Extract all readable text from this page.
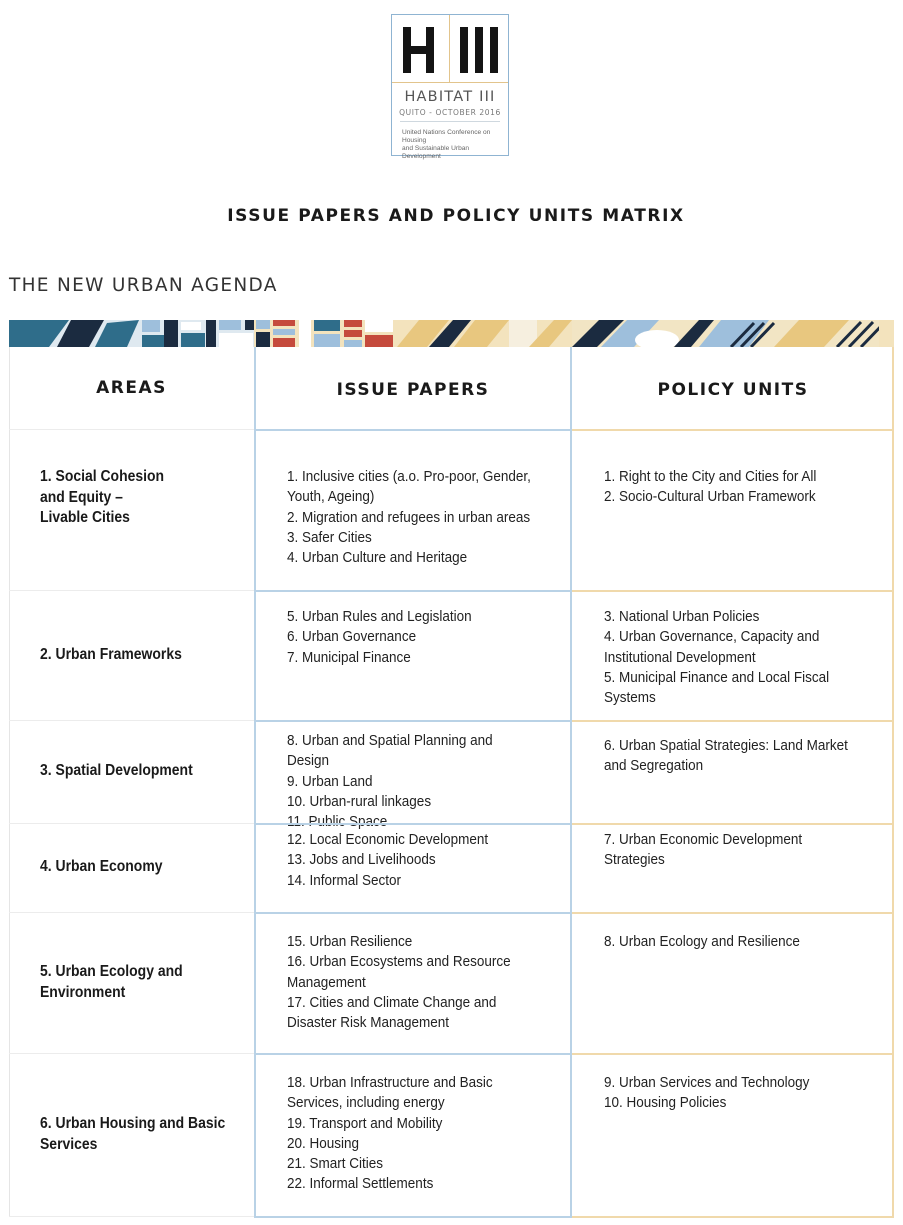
HABITAT III
QUITO - OCTOBER 2016
United Nations Conference on Housing
and Sustainable Urban Development
ISSUE PAPERS AND POLICY UNITS MATRIX
THE NEW URBAN AGENDA
AREAS	ISSUE PAPERS	POLICY UNITS
1. Social Cohesion
and Equity –
Livable Cities
1. Inclusive cities (a.o. Pro-poor, Gender, Youth, Ageing)
2. Migration and refugees in urban areas
3. Safer Cities
4. Urban Culture and Heritage
1. Right to the City and Cities for All
2. Socio-Cultural Urban Framework
2. Urban Frameworks
5. Urban Rules and Legislation
6. Urban Governance
7. Municipal Finance
3. National Urban Policies
4. Urban Governance, Capacity and Institutional Development
5. Municipal Finance and Local Fiscal Systems
3. Spatial Development
8. Urban and Spatial Planning and Design
9. Urban Land
10. Urban-rural linkages
11. Public Space
6. Urban Spatial Strategies: Land Market and Segregation
4. Urban Economy
12. Local Economic Development
13. Jobs and Livelihoods
14. Informal Sector
7. Urban Economic Development Strategies
5. Urban Ecology and
Environment
15. Urban Resilience
16. Urban Ecosystems and Resource Management
17. Cities and Climate Change and Disaster Risk Management
8. Urban Ecology and Resilience
6. Urban Housing and Basic
Services
18. Urban Infrastructure and Basic Services, including energy
19. Transport and Mobility
20. Housing
21. Smart Cities
22. Informal Settlements
9. Urban Services and Technology
10. Housing Policies
